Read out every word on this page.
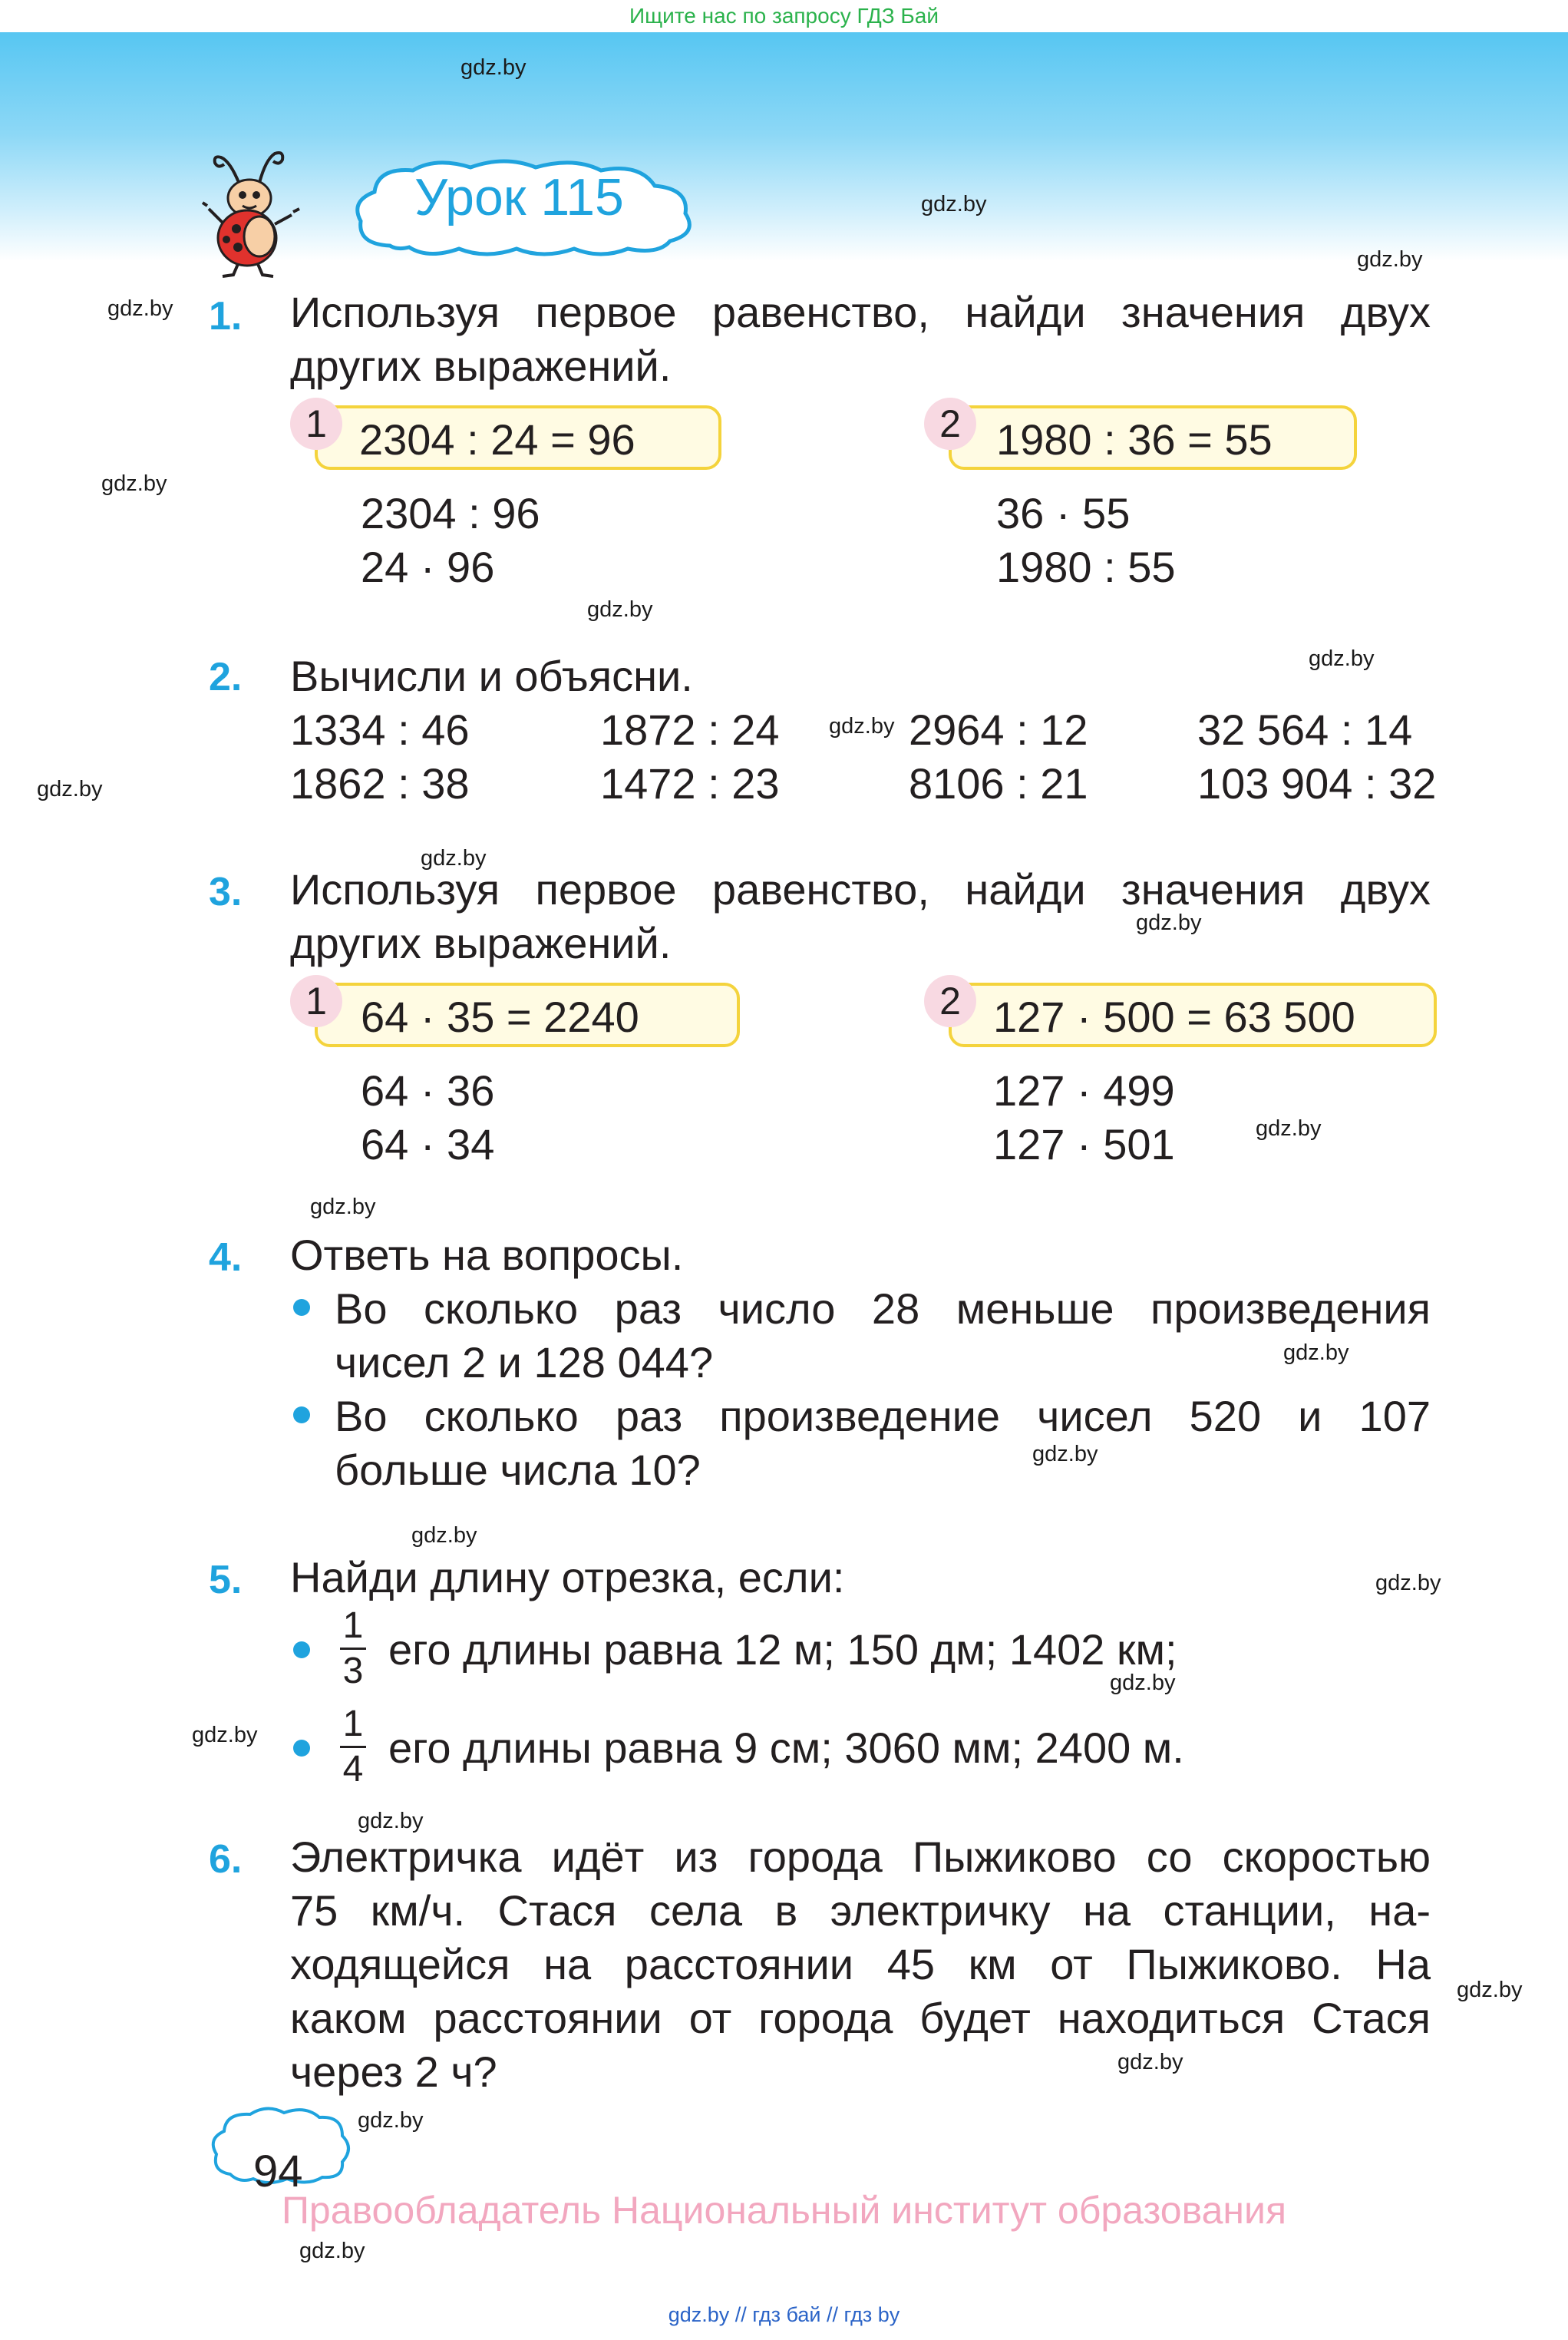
Ищите нас по запросу ГДЗ Бай
Урок 115
gdz.by
gdz.by
gdz.by
gdz.by
gdz.by
gdz.by
gdz.by
gdz.by
gdz.by
gdz.by
gdz.by
gdz.by
gdz.by
gdz.by
gdz.by
gdz.by
gdz.by
gdz.by
gdz.by
gdz.by
gdz.by
gdz.by
gdz.by
gdz.by
1. Используя первое равенство, найди значения двух
других выражений.
2304 : 24 = 96
1
2304 : 96
24 · 96
1980 : 36 = 55
2
36 · 55
1980 : 55
2. Вычисли и объясни.
1334 : 46	1872 : 24	2964 : 12	32 564 : 14
1862 : 38	1472 : 23	8106 : 21	103 904 : 32
3. Используя первое равенство, найди значения двух
других выражений.
64 · 35 = 2240
1
64 · 36
64 · 34
127 · 500 = 63 500
2
127 · 499
127 · 501
4. Ответь на вопросы.
Во сколько раз число 28 меньше произведения
чисел 2 и 128 044?
Во сколько раз произведение чисел 520 и 107
больше числа 10?
5. Найди длину отрезка, если:
1
3 его длины равна 12 м; 150 дм; 1402 км;
1
4 его длины равна 9 см; 3060 мм; 2400 м.
6. Электричка идёт из города Пыжиково со скоростью
75 км/ч. Стася села в электричку на станции, на-
ходящейся на расстоянии 45 км от Пыжиково. На
каком расстоянии от города будет находиться Стася
через 2 ч?
94
Правообладатель Национальный институт образования
gdz.by // гдз бай // гдз by
